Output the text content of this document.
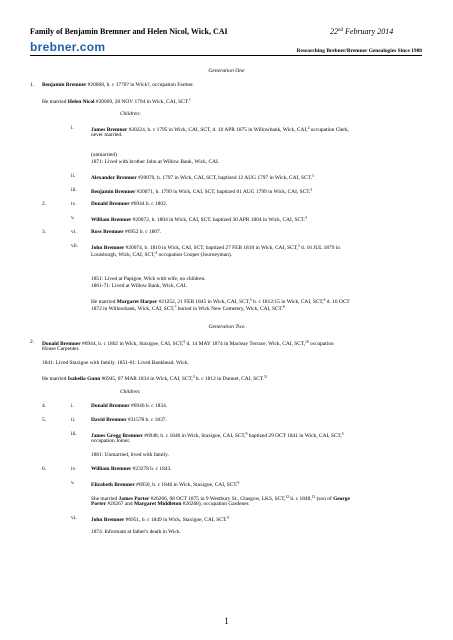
Family of Benjamin Bremner and Helen Nicol, Wick, CAI	22nd February 2014
brebner.com	Researching Brebner/Bremner Genealogies Since 1988
Generation One
1. Benjamin Bremner #20068, b. c 1770? in Wick?, occupation Farmer.
He married Helen Nicol #20069, 20 NOV 1794 in Wick, CAI, SCT.$^1$
Children:
i.	James Bremner #20224, b. c 1795 in Wick, CAI, SCT, d. 10 APR 1875 in Willowbank, Wick, CAI,$^2$ occupation Clerk,
never married.
(unmarried)
1871: Lived with brother John at Willow Bank, Wick, CAI.
ii.	Alexander Bremner #20070, b. 1797 in Wick, CAI, SCT, baptized 12 AUG 1797 in Wick, CAI, SCT.$^3$
iii.	Benjamin Bremner #20071, b. 1799 in Wick, CAI, SCT, baptized 01 AUG 1799 in Wick, CAI, SCT.$^3$
2.	iv.	Donald Bremner #6944 b. c 1802.
v.	William Bremner #20072, b. 1804 in Wick, CAI, SCT, baptized 30 APR 1804 in Wick, CAI, SCT.$^3$
3.	vi.	Ross Bremner #6952 b. c 1807.
vii. John Bremner #20074, b. 1810 in Wick, CAI, SCT, baptized 27 FEB 1810 in Wick, CAI, SCT,$^3$ d. 16 JUL 1879 in
Louisburgh, Wick, CAI, SCT,$^4$ occupation Cooper (Journeyman).
1851: Lived at Papigoe, Wick with wife, no children.
1861-71: Lived at Willow Bank, Wick, CAI.
He married Margaret Harper #21252, 21 FEB 1845 in Wick, CAI, SCT,$^5$ b. c 1812/15 in Wick, CAI, SCT,$^6$ d. 16 OCT
1872 in Willowbank, Wick, CAI, SCT,$^7$ buried in Wick New Cemetery, Wick, CAI, SCT.$^8$
Generation Two
2. Donald Bremner #6944, b. c 1802 in Wick, Staxigoe, CAI, SCT,$^9$ d. 14 MAY 1874 in Macleay Terrace, Wick, CAI, SCT,$^{10}$ occupation
House Carpenter.
1841: Lived Staxigoe with family. 1851-61: Lived Bankhead, Wick.
He married Isabella Gunn #6945, 07 MAR 1834 in Wick, CAI, SCT,$^3$ b. c 1812 in Dunnet, CAI, SCT.$^{11}$
Children:
4.	i.	Donald Bremner #6946 b. c 1834.
5.	ii.	David Bremner #31578 b. c 1837.
iii.	James Gregg Bremner #6948, b. c 1840 in Wick, Staxigoe, CAI, SCT,$^9$ baptized 29 OCT 1841 in Wick, CAI, SCT,$^3$
occupation Joiner.
1861: Unmarried, lived with family.
6.	iv.	William Bremner #23278 b. c 1843.
v.	Elizabeth Bremner #6950, b. c 1846 in Wick, Staxigoe, CAI, SCT.$^9$
She married James Porter #26266, 08 OCT 1875 in 9 Westbury St., Glasgow, LKS, SCT,$^{12}$ b. c 1848,13 (son of George
Porter #26267 and Margaret Middleton #26268), occupation Gardener.
vi.	John Bremner #6951, b. c 1849 in Wick, Staxigoe, CAI, SCT.$^9$
1874. Informant at father's death in Wick.
1
